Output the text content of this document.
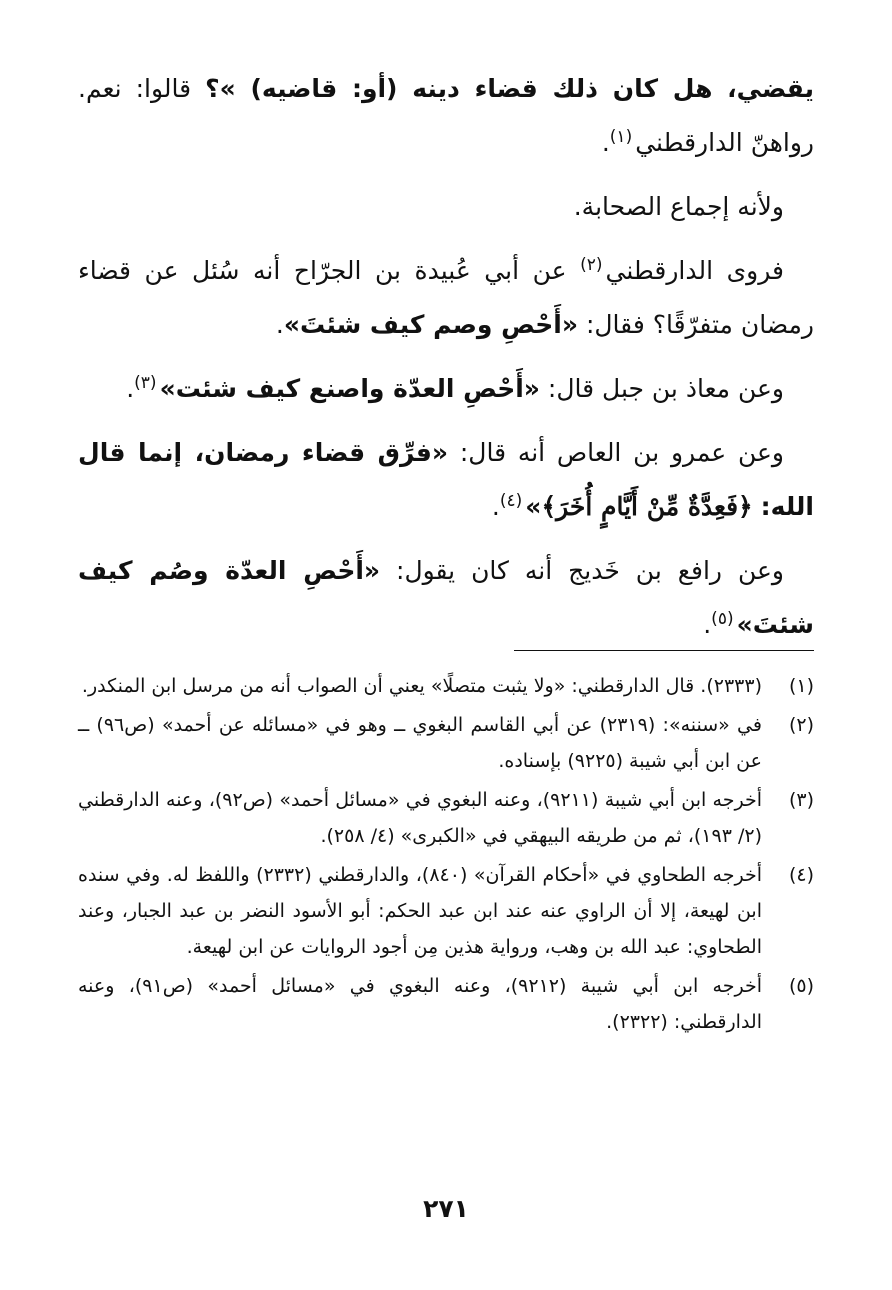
يقضي، هل كان ذلك قضاء دينه (أو: قاضيه) »؟ قالوا: نعم. رواهنّ الدارقطني$^{(١)}$.

ولأنه إجماع الصحابة.

فروى الدارقطني$^{(٢)}$ عن أبي عُبيدة بن الجرّاح أنه سُئل عن قضاء رمضان متفرّقًا؟ فقال: «أَحْصِ وصم كيف شئتَ».

وعن معاذ بن جبل قال: «أَحْصِ العدّة واصنع كيف شئت»$^{(٣)}$.

وعن عمرو بن العاص أنه قال: «فرِّق قضاء رمضان، إنما قال الله: ﴿فَعِدَّةٌ مِّنْ أَيَّامٍ أُخَرَ﴾»$^{(٤)}$.

وعن رافع بن خَديج أنه كان يقول: «أَحْصِ العدّة وصُم كيف شئتَ»$^{(٥)}$.

(١)
(٢٣٣٣). قال الدارقطني: «ولا يثبت متصلًا» يعني أن الصواب أنه من مرسل ابن المنكدر.
(٢)
في «سننه»: (٢٣١٩) عن أبي القاسم البغوي ــ وهو في «مسائله عن أحمد» (ص٩٦) ــ عن ابن أبي شيبة (٩٢٢٥) بإسناده.
(٣)
أخرجه ابن أبي شيبة (٩٢١١)، وعنه البغوي في «مسائل أحمد» (ص٩٢)، وعنه الدارقطني (٢/ ١٩٣)، ثم من طريقه البيهقي في «الكبرى» (٤/ ٢٥٨).
(٤)
أخرجه الطحاوي في «أحكام القرآن» (٨٤٠)، والدارقطني (٢٣٣٢) واللفظ له. وفي سنده ابن لهيعة، إلا أن الراوي عنه عند ابن عبد الحكم: أبو الأسود النضر بن عبد الجبار، وعند الطحاوي: عبد الله بن وهب، ورواية هذين مِن أجود الروايات عن ابن لهيعة.
(٥)
أخرجه ابن أبي شيبة (٩٢١٢)، وعنه البغوي في «مسائل أحمد» (ص٩١)، وعنه الدارقطني: (٢٣٢٢).
٢٧١
